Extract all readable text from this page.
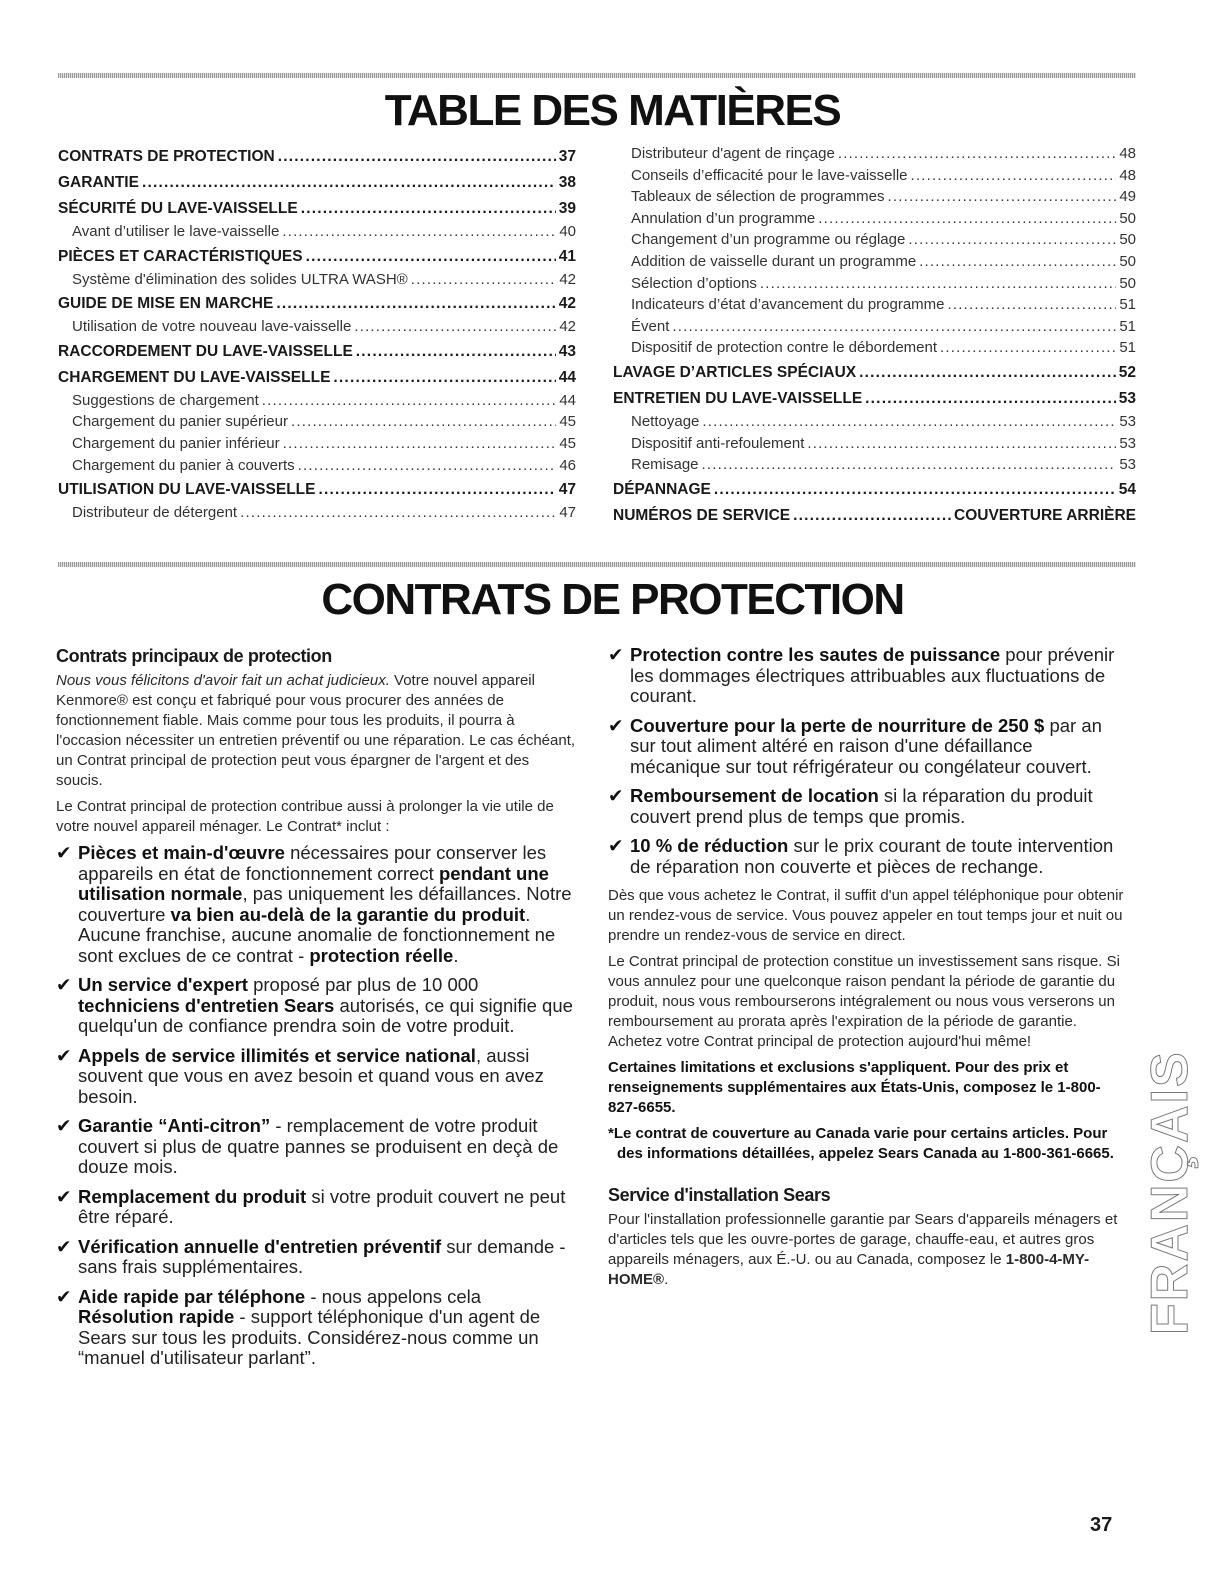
TABLE DES MATIÈRES
CONTRATS DE PROTECTION .....	37
GARANTIE .....	38
SÉCURITÉ DU LAVE-VAISSELLE .....	39
Avant d’utiliser le lave-vaisselle .....	40
PIÈCES ET CARACTÉRISTIQUES .....	41
Système d'élimination des solides ULTRA WASH® .....	42
GUIDE DE MISE EN MARCHE .....	42
Utilisation de votre nouveau lave-vaisselle .....	42
RACCORDEMENT DU LAVE-VAISSELLE .....	43
CHARGEMENT DU LAVE-VAISSELLE .....	44
Suggestions de chargement .....	44
Chargement du panier supérieur .....	45
Chargement du panier inférieur .....	45
Chargement du panier à couverts .....	46
UTILISATION DU LAVE-VAISSELLE .....	47
Distributeur de détergent .....	47
Distributeur d'agent de rinçage .....	48
Conseils d’efficacité pour le lave-vaisselle .....	48
Tableaux de sélection de programmes .....	49
Annulation d’un programme .....	50
Changement d’un programme ou réglage .....	50
Addition de vaisselle durant un programme .....	50
Sélection d’options .....	50
Indicateurs d’état d’avancement du programme .....	51
Évent .....	51
Dispositif de protection contre le débordement .....	51
LAVAGE D’ARTICLES SPÉCIAUX .....	52
ENTRETIEN DU LAVE-VAISSELLE .....	53
Nettoyage .....	53
Dispositif anti-refoulement .....	53
Remisage .....	53
DÉPANNAGE .....	54
NUMÉROS DE SERVICE .....	COUVERTURE ARRIÈRE
CONTRATS DE PROTECTION

Contrats principaux de protection

Nous vous félicitons d'avoir fait un achat judicieux. Votre nouvel appareil Kenmore® est conçu et fabriqué pour vous procurer des années de fonctionnement fiable. Mais comme pour tous les produits, il pourra à l'occasion nécessiter un entretien préventif ou une réparation. Le cas échéant, un Contrat principal de protection peut vous épargner de l'argent et des soucis.

Le Contrat principal de protection contribue aussi à prolonger la vie utile de votre nouvel appareil ménager. Le Contrat* inclut :

✔ Pièces et main-d'œuvre nécessaires pour conserver les appareils en état de fonctionnement correct pendant une utilisation normale, pas uniquement les défaillances. Notre couverture va bien au-delà de la garantie du produit. Aucune franchise, aucune anomalie de fonctionnement ne sont exclues de ce contrat - protection réelle.

✔ Un service d'expert proposé par plus de 10 000 techniciens d'entretien Sears autorisés, ce qui signifie que quelqu'un de confiance prendra soin de votre produit.

✔ Appels de service illimités et service national, aussi souvent que vous en avez besoin et quand vous en avez besoin.

✔ Garantie “Anti-citron” - remplacement de votre produit couvert si plus de quatre pannes se produisent en deçà de douze mois.

✔ Remplacement du produit si votre produit couvert ne peut être réparé.

✔ Vérification annuelle d'entretien préventif sur demande - sans frais supplémentaires.

✔ Aide rapide par téléphone - nous appelons cela Résolution rapide - support téléphonique d'un agent de Sears sur tous les produits. Considérez-nous comme un “manuel d'utilisateur parlant”.

✔ Protection contre les sautes de puissance pour prévenir les dommages électriques attribuables aux fluctuations de courant.

✔ Couverture pour la perte de nourriture de 250 $ par an sur tout aliment altéré en raison d'une défaillance mécanique sur tout réfrigérateur ou congélateur couvert.

✔ Remboursement de location si la réparation du produit couvert prend plus de temps que promis.

✔ 10 % de réduction sur le prix courant de toute intervention de réparation non couverte et pièces de rechange.

Dès que vous achetez le Contrat, il suffit d'un appel téléphonique pour obtenir un rendez-vous de service. Vous pouvez appeler en tout temps jour et nuit ou prendre un rendez-vous de service en direct.

Le Contrat principal de protection constitue un investissement sans risque. Si vous annulez pour une quelconque raison pendant la période de garantie du produit, nous vous rembourserons intégralement ou nous vous verserons un remboursement au prorata après l'expiration de la période de garantie. Achetez votre Contrat principal de protection aujourd'hui même!

Certaines limitations et exclusions s'appliquent. Pour des prix et renseignements supplémentaires aux États-Unis, composez le 1-800-827-6655.

*Le contrat de couverture au Canada varie pour certains articles. Pour des informations détaillées, appelez Sears Canada au 1-800-361-6665.

Service d'installation Sears

Pour l'installation professionnelle garantie par Sears d'appareils ménagers et d'articles tels que les ouvre-portes de garage, chauffe-eau, et autres gros appareils ménagers, aux É.-U. ou au Canada, composez le 1-800-4-MY-HOME®.	FRANÇAIS
37
